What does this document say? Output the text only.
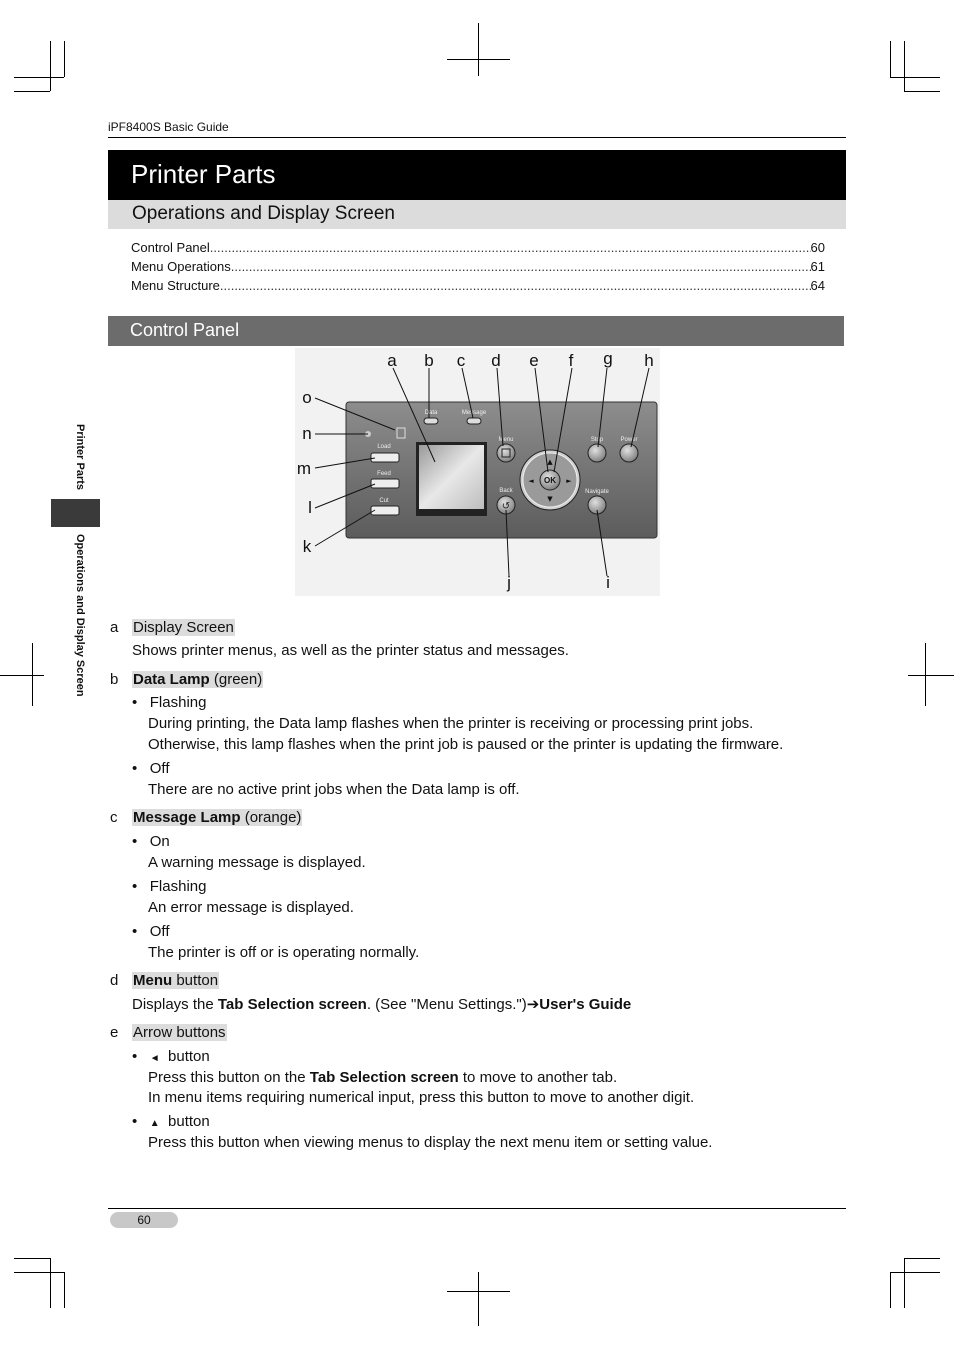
iPF8400S Basic Guide
Printer Parts
Operations and Display Screen
Control Panel .....	60
Menu Operations .....	61
Menu Structure .....	64
Control Panel
Printer Parts
Operations and Display Screen
Data	Message
Load
Feed
Cut
Menu
↺
Back
OK
▲
▼
◄	►
Stop	Power
Navigate
a b c d e f g h
o
n
m
l
k
j	i
a Display Screen
Shows printer menus, as well as the printer status and messages.
b Data Lamp (green)
•   Flashing
During printing, the Data lamp flashes when the printer is receiving or processing print jobs.
Otherwise, this lamp flashes when the print job is paused or the printer is updating the firmware.
•   Off
There are no active print jobs when the Data lamp is off.
c Message Lamp (orange)
•   On
A warning message is displayed.
•   Flashing
An error message is displayed.
•   Off
The printer is off or is operating normally.
d Menu button
Displays the Tab Selection screen. (See "Menu Settings.")➔User's Guide
e Arrow buttons
•   ◄ button
Press this button on the Tab Selection screen to move to another tab.
In menu items requiring numerical input, press this button to move to another digit.
•   ▲ button
Press this button when viewing menus to display the next menu item or setting value.
60
